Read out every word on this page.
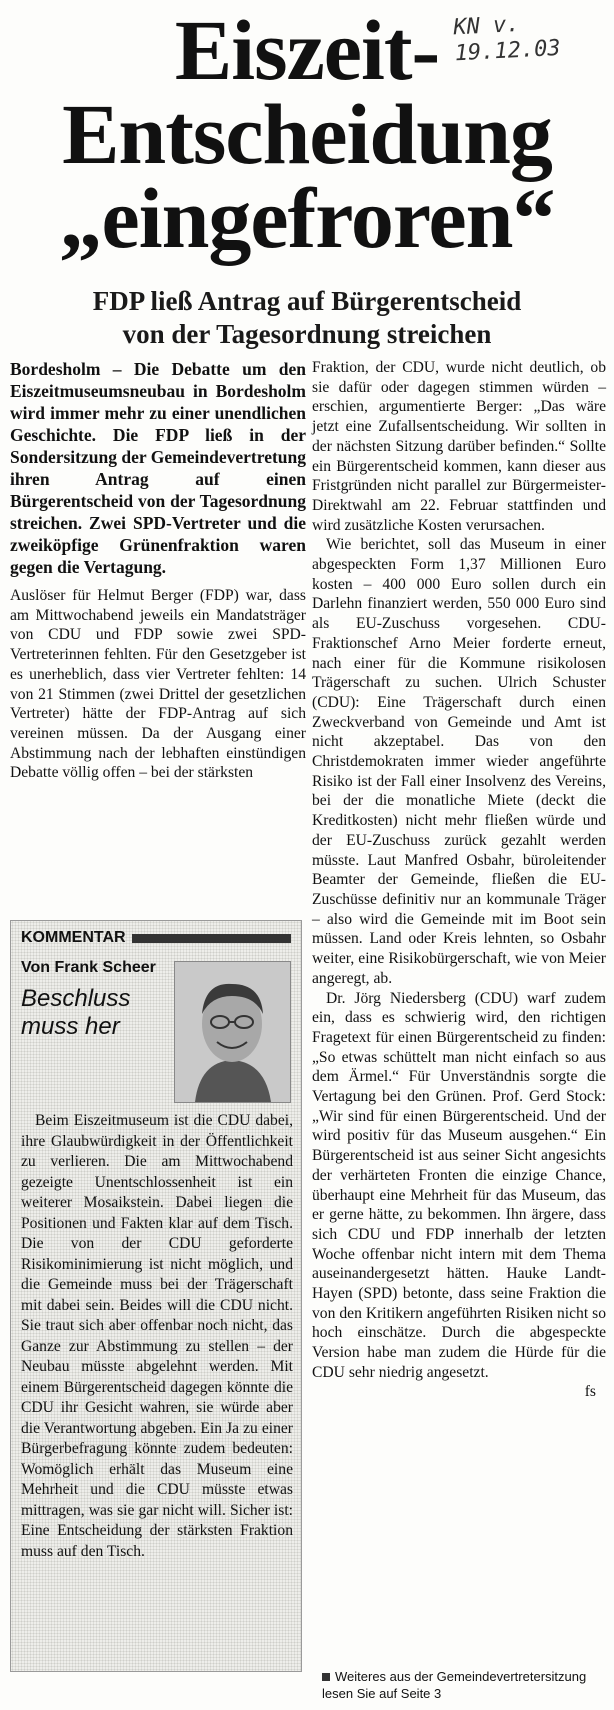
KN v.
19.12.03
Eiszeit-
Entscheidung
„eingefroren“
FDP ließ Antrag auf Bürgerentscheid
von der Tagesordnung streichen

Bordesholm – Die Debatte um den Eiszeitmuseumsneubau in Bordesholm wird immer mehr zu einer unendlichen Geschichte. Die FDP ließ in der Sondersitzung der Gemeindevertretung ihren Antrag auf einen Bürgerentscheid von der Tagesordnung streichen. Zwei SPD-Vertreter und die zweiköpfige Grünenfraktion waren gegen die Vertagung.

Auslöser für Helmut Berger (FDP) war, dass am Mittwochabend jeweils ein Mandatsträger von CDU und FDP sowie zwei SPD-Vertreterinnen fehlten. Für den Gesetzgeber ist es unerheblich, dass vier Vertreter fehlten: 14 von 21 Stimmen (zwei Drittel der gesetzlichen Vertreter) hätte der FDP-Antrag auf sich vereinen müssen. Da der Ausgang einer Abstimmung nach der lebhaften einstündigen Debatte völlig offen – bei der stärksten

KOMMENTAR
Von Frank Scheer
Beschluss muss her

Beim Eiszeitmuseum ist die CDU dabei, ihre Glaubwürdigkeit in der Öffentlichkeit zu verlieren. Die am Mittwochabend gezeigte Unentschlossenheit ist ein weiterer Mosaikstein. Dabei liegen die Positionen und Fakten klar auf dem Tisch. Die von der CDU geforderte Risikominimierung ist nicht möglich, und die Gemeinde muss bei der Trägerschaft mit dabei sein. Beides will die CDU nicht. Sie traut sich aber offenbar noch nicht, das Ganze zur Abstimmung zu stellen – der Neubau müsste abgelehnt werden. Mit einem Bürgerentscheid dagegen könnte die CDU ihr Gesicht wahren, sie würde aber die Verantwortung abgeben. Ein Ja zu einer Bürgerbefragung könnte zudem bedeuten: Womöglich erhält das Museum eine Mehrheit und die CDU müsste etwas mittragen, was sie gar nicht will. Sicher ist: Eine Entscheidung der stärksten Fraktion muss auf den Tisch.

Fraktion, der CDU, wurde nicht deutlich, ob sie dafür oder dagegen stimmen würden – erschien, argumentierte Berger: „Das wäre jetzt eine Zufallsentscheidung. Wir sollten in der nächsten Sitzung darüber befinden.“ Sollte ein Bürgerentscheid kommen, kann dieser aus Fristgründen nicht parallel zur Bürgermeister-Direktwahl am 22. Februar stattfinden und wird zusätzliche Kosten verursachen.

Wie berichtet, soll das Museum in einer abgespeckten Form 1,37 Millionen Euro kosten – 400 000 Euro sollen durch ein Darlehn finanziert werden, 550 000 Euro sind als EU-Zuschuss vorgesehen. CDU-Fraktionschef Arno Meier forderte erneut, nach einer für die Kommune risikolosen Trägerschaft zu suchen. Ulrich Schuster (CDU): Eine Trägerschaft durch einen Zweckverband von Gemeinde und Amt ist nicht akzeptabel. Das von den Christdemokraten immer wieder angeführte Risiko ist der Fall einer Insolvenz des Vereins, bei der die monatliche Miete (deckt die Kreditkosten) nicht mehr fließen würde und der EU-Zuschuss zurück gezahlt werden müsste. Laut Manfred Osbahr, büroleitender Beamter der Gemeinde, fließen die EU-Zuschüsse definitiv nur an kommunale Träger – also wird die Gemeinde mit im Boot sein müssen. Land oder Kreis lehnten, so Osbahr weiter, eine Risikobürgerschaft, wie von Meier angeregt, ab.

Dr. Jörg Niedersberg (CDU) warf zudem ein, dass es schwierig wird, den richtigen Fragetext für einen Bürgerentscheid zu finden: „So etwas schüttelt man nicht einfach so aus dem Ärmel.“ Für Unverständnis sorgte die Vertagung bei den Grünen. Prof. Gerd Stock: „Wir sind für einen Bürgerentscheid. Und der wird positiv für das Museum ausgehen.“ Ein Bürgerentscheid ist aus seiner Sicht angesichts der verhärteten Fronten die einzige Chance, überhaupt eine Mehrheit für das Museum, das er gerne hätte, zu bekommen. Ihn ärgere, dass sich CDU und FDP innerhalb der letzten Woche offenbar nicht intern mit dem Thema auseinandergesetzt hätten. Hauke Landt-Hayen (SPD) betonte, dass seine Fraktion die von den Kritikern angeführten Risiken nicht so hoch einschätze. Durch die abgespeckte Version habe man zudem die Hürde für die CDU sehr niedrig angesetzt.

fs

Weiteres aus der Gemeindevertretersitzung lesen Sie auf Seite 3
